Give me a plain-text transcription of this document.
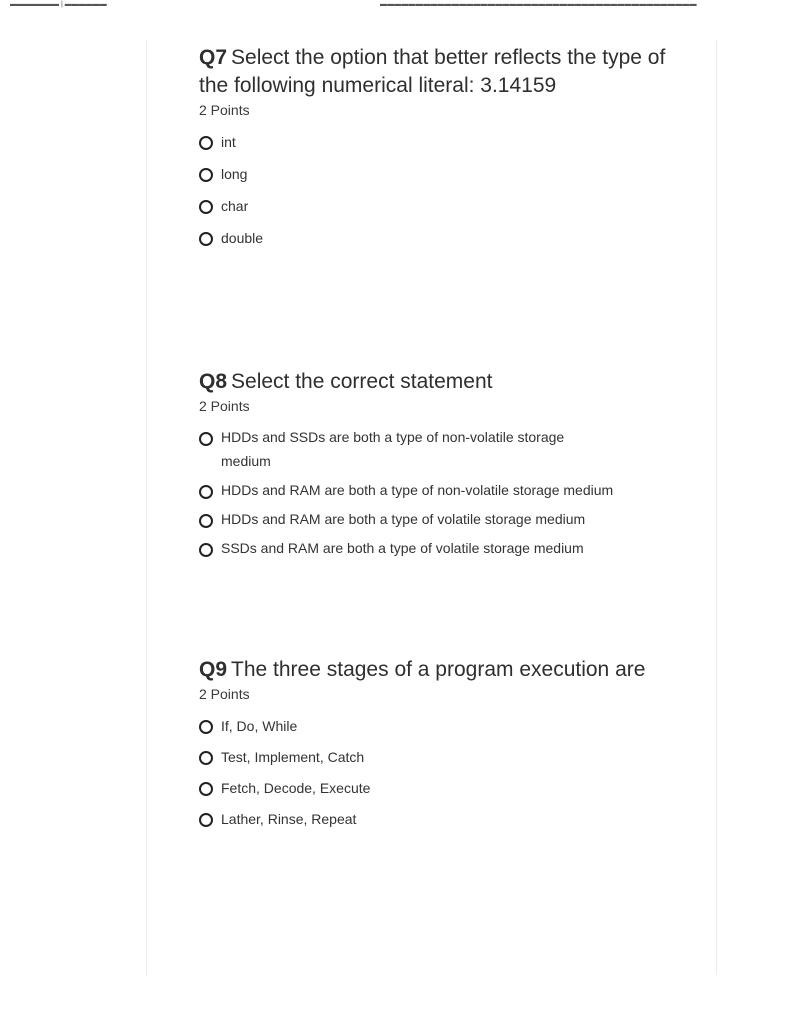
▬▬▬▬▬▬▬ | ▬▬▬▬▬▬	▬▬▬▬▬▬▬▬▬▬▬▬▬▬▬▬▬▬▬▬▬▬▬▬▬▬▬▬▬▬▬▬▬▬▬▬▬▬▬▬▬▬▬▬
Q7 Select the option that better reflects the type of the following numerical literal: 3.14159
2 Points
int
long
char
double
Q8 Select the correct statement
2 Points
HDDs and SSDs are both a type of non-volatile storage medium
HDDs and RAM are both a type of non-volatile storage medium
HDDs and RAM are both a type of volatile storage medium
SSDs and RAM are both a type of volatile storage medium
Q9 The three stages of a program execution are
2 Points
If, Do, While
Test, Implement, Catch
Fetch, Decode, Execute
Lather, Rinse, Repeat
